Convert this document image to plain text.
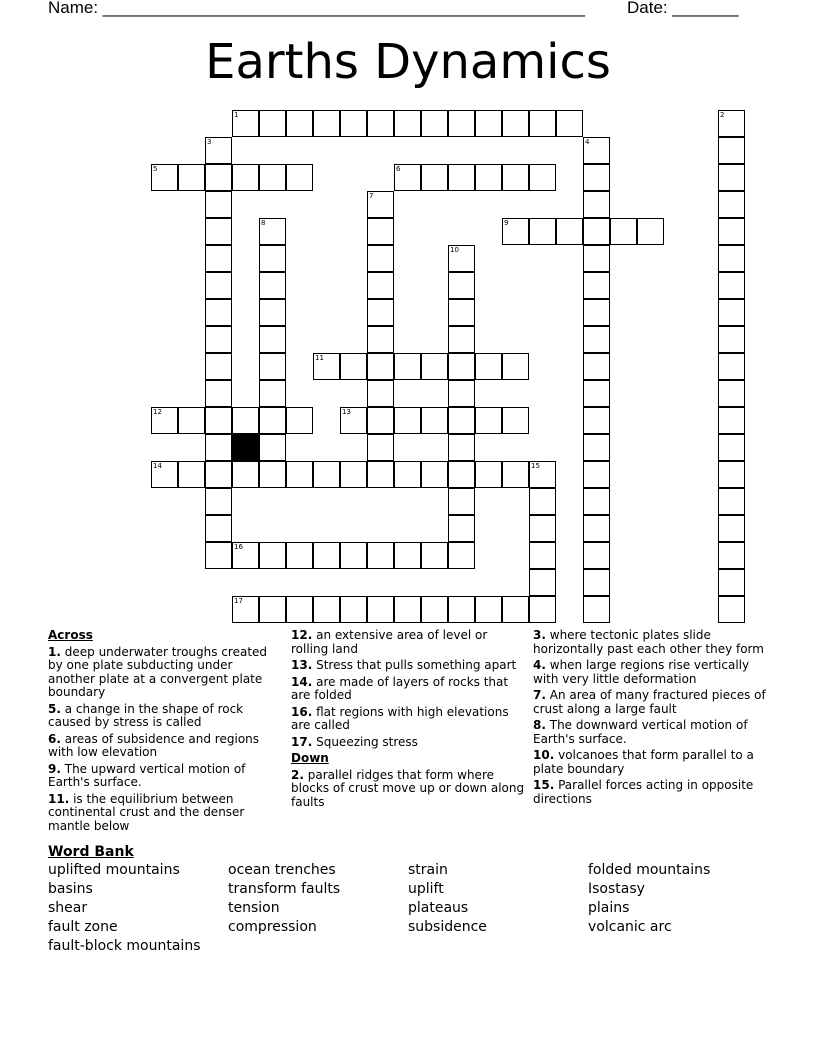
Name: ___________________________________________________ Date: _______
Earths Dynamics
1	2
3	4
5	6
7
8	9
10
11
12	13
14	15
16
17
Across
1. deep underwater troughs created by one plate subducting under another plate at a convergent plate boundary
5. a change in the shape of rock caused by stress is called
6. areas of subsidence and regions with low elevation
9. The upward vertical motion of Earth's surface.
11. is the equilibrium between continental crust and the denser mantle below
12. an extensive area of level or rolling land
13. Stress that pulls something apart
14. are made of layers of rocks that are folded
16. flat regions with high elevations are called
17. Squeezing stress
Down
2. parallel ridges that form where blocks of crust move up or down along faults
3. where tectonic plates slide horizontally past each other they form
4. when large regions rise vertically with very little deformation
7. An area of many fractured pieces of crust along a large fault
8. The downward vertical motion of Earth's surface.
10. volcanoes that form parallel to a plate boundary
15. Parallel forces acting in opposite directions
Word Bank
uplifted mountains	ocean trenches	strain	folded mountains
basins	transform faults	uplift	Isostasy
shear	tension	plateaus	plains
fault zone	compression	subsidence	volcanic arc
fault-block mountains
